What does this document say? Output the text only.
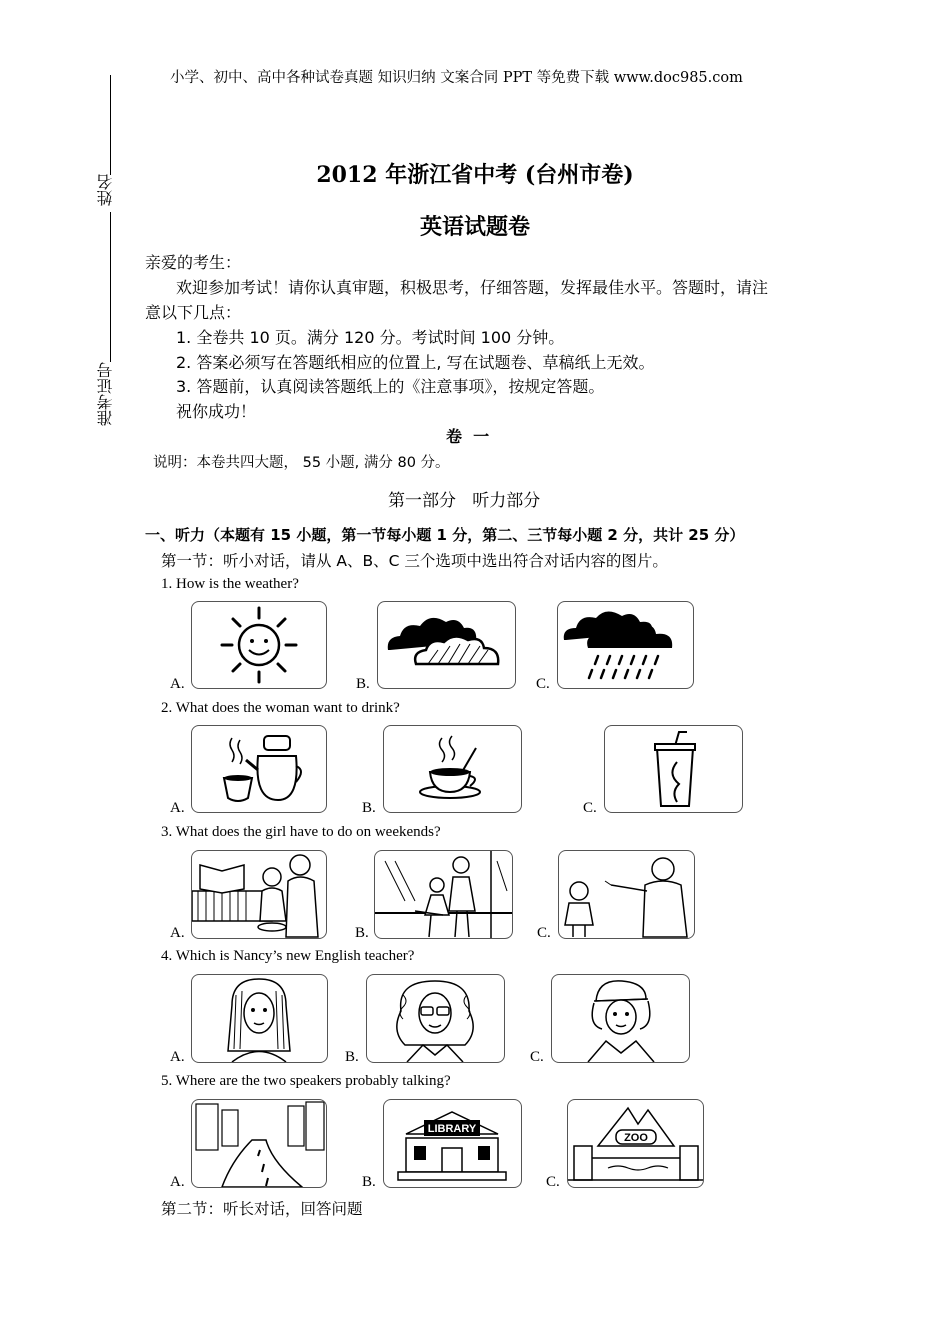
小学、初中、高中各种试卷真题 知识归纳 文案合同 PPT 等免费下载 www.doc985.com
姓名
准考证号
2012 年浙江省中考 (台州市卷)
英语试题卷
亲爱的考生：
欢迎参加考试！请你认真审题，积极思考，仔细答题，发挥最佳水平。答题时，请注
意以下几点：
1. 全卷共 10 页。满分 120 分。考试时间 100 分钟。
2. 答案必须写在答题纸相应的位置上, 写在试题卷、草稿纸上无效。
3. 答题前，认真阅读答题纸上的《注意事项》，按规定答题。
祝你成功！
卷  一
说明：本卷共四大题， 55 小题, 满分 80 分。
第一部分   听力部分
一、听力（本题有 15 小题，第一节每小题 1 分，第二、三节每小题 2 分，共计 25 分）
第一节：听小对话，请从 A、B、C 三个选项中选出符合对话内容的图片。
1. How is the weather?
A.	B.	C.
2. What does the woman want to drink?
A.	B.	C.
3. What does the girl have to do on weekends?
A.	B.	C.
4. Which is Nancy’s new English teacher?
A.	B.	C.
5. Where are the two speakers probably talking?
A.	B.
LIBRARY
C.
ZOO
第二节：听长对话，回答问题
